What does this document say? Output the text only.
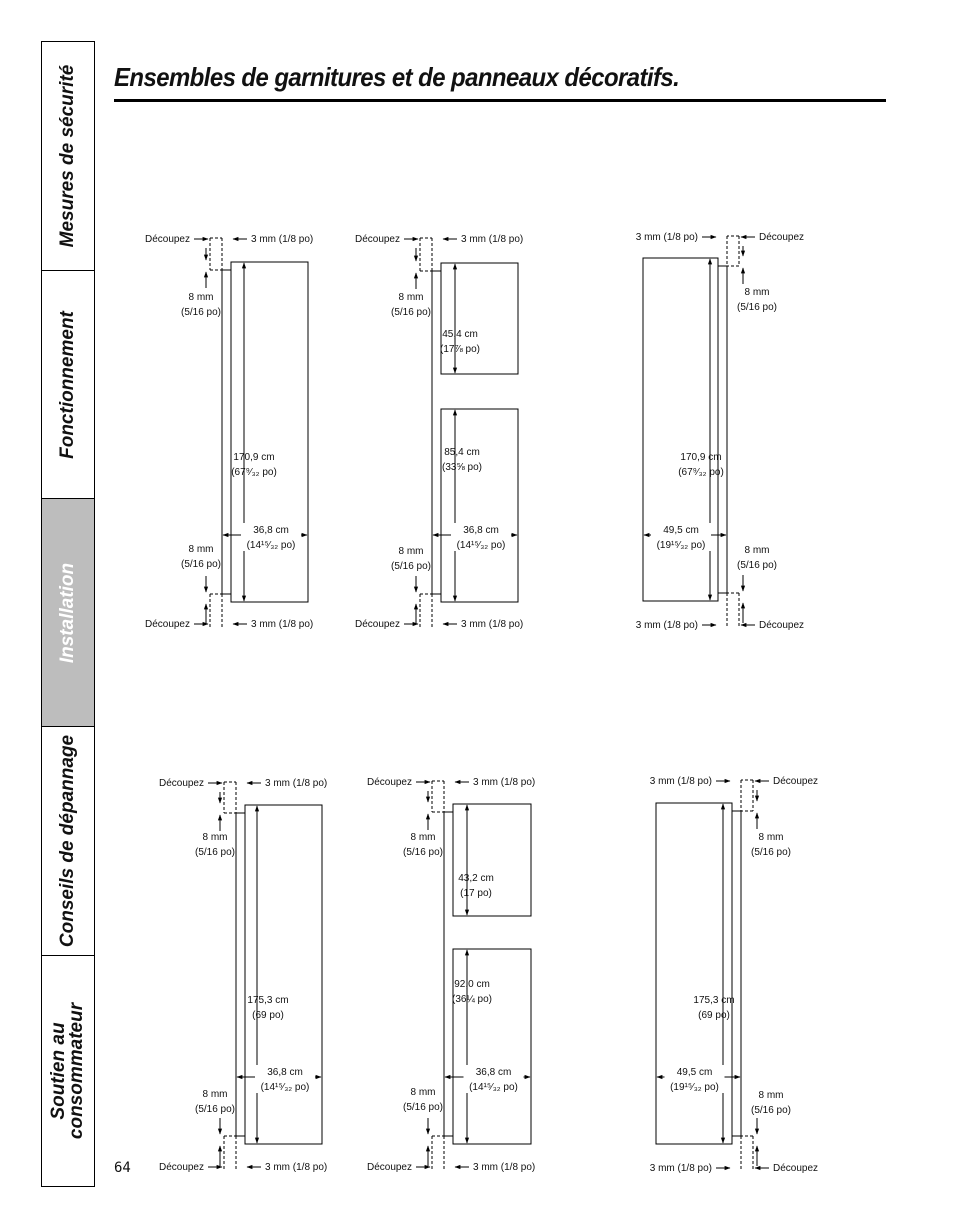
Mesures de sécurité
Fonctionnement
Installation
Conseils de dépannage
Soutien au
consommateur
Ensembles de garnitures et de panneaux décoratifs.
64
Découpez	3 mm (1/8 po)
Découpez	3 mm (1/8 po)
8 mm
(5/16 po)
8 mm
(5/16 po)
170,9 cm
(67⁹⁄₃₂ po)
36,8 cm
(14¹⁵⁄₃₂ po)
Découpez	3 mm (1/8 po)
Découpez	3 mm (1/8 po)
8 mm
(5/16 po)
8 mm
(5/16 po)
45,4 cm
(17⅞ po)
85,4 cm
(33⅝ po)
36,8 cm
(14¹⁵⁄₃₂ po)
3 mm (1/8 po)	Découpez
3 mm (1/8 po)	Découpez
8 mm
(5/16 po)
8 mm
(5/16 po)
170,9 cm
(67⁹⁄₃₂ po)
49,5 cm
(19¹⁵⁄₃₂ po)
Découpez	3 mm (1/8 po)
Découpez	3 mm (1/8 po)
8 mm
(5/16 po)
8 mm
(5/16 po)
175,3 cm
(69 po)
36,8 cm
(14¹⁵⁄₃₂ po)
Découpez	3 mm (1/8 po)
Découpez	3 mm (1/8 po)
8 mm
(5/16 po)
8 mm
(5/16 po)
43,2 cm
(17 po)
92,0 cm
(36¼ po)
36,8 cm
(14¹⁵⁄₃₂ po)
3 mm (1/8 po)	Découpez
3 mm (1/8 po)	Découpez
8 mm
(5/16 po)
8 mm
(5/16 po)
175,3 cm
(69 po)
49,5 cm
(19¹⁵⁄₃₂ po)
